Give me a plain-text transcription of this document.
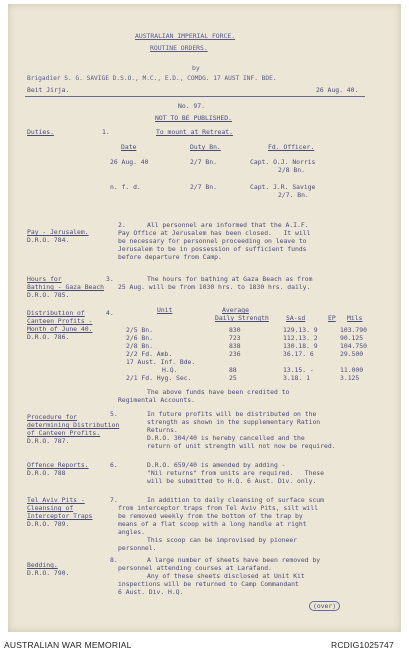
AUSTRALIAN IMPERIAL FORCE.
ROUTINE ORDERS.
by
Brigadier S. G. SAVIGE D.S.O., M.C., E.D., COMDG. 17 AUST INF. BDE.
Beit Jirja.	26 Aug. 40.
No. 97.
NOT TO BE PUBLISHED.
Duties.	1.	To mount at Retreat.
Date	Duty Bn.	Fd. Officer.
26 Aug. 40	2/7 Bn.	Capt. O.J. Norris
2/8 Bn.
n. f. d.	2/7 Bn.	Capt. J.R. Savige
2/7. Bn.
Pay - Jerusalem.
D.R.O. 784.
2.	All personnel are informed that the A.I.F.
Pay Office at Jerusalem has been closed.   It will
be necessary for personnel proceeding on leave to
Jerusalem to be in possession of sufficient funds
before departure from Camp.
Hours for
Bathing - Gaza Beach
D.R.O. 785.
3.	The hours for bathing at Gaza Beach as from
25 Aug. will be from 1030 hrs. to 1830 hrs. daily.
Distribution of
Canteen Profits -
Month of June 40.
D.R.O. 786.
4.	Unit	Average
Daily Strength	SA-sd	EP Mils
2/5 Bn.	830	129.13. 9	103.790
2/6 Bn.	723	112.13. 2	90.125
2/8 Bn.	838	130.18. 9	104.750
2/2 Fd. Amb.	236	36.17. 6	29.500
17 Aust. Inf. Bde.
H.Q.	88	13.15. -	11.000
2/1 Fd. Hyg. Sec.	25	3.18. 1	3.125
The above funds have been credited to
Regimental Accounts.
Procedure for
determining Distribution
of Canteen Profits.
D.R.O. 787.
5.	In future profits will be distributed on the
strength as shown in the supplementary Ration
Returns.
D.R.O. 304/40 is hereby cancelled and the
return of unit strength will not now be required.
Offence Reports.
D.R.O. 788
6.	D.R.O. 659/40 is amended by adding -
"Nil returns" from units are required.   These
will be submitted to H.Q. 6 Aust. Div. only.
Tel Aviv Pits -
Cleansing of
Interceptor Traps
D.R.O. 789.
7.	In addition to daily cleansing of surface scum
from interceptor traps from Tel Aviv Pits, silt will
be removed weekly from the bottom of the trap by
means of a flat scoop with a long handle at right
angles.
This scoop can be improvised by pioneer
personnel.
Bedding.
D.R.O. 790.
8.	A large number of sheets have been removed by
personnel attending courses at Larafand.
Any of these sheets disclosed at Unit Kit
inspections will be returned to Camp Commandant
6 Aust. Div. H.Q.
(over)
AUSTRALIAN WAR MEMORIAL	RCDIG1025747
